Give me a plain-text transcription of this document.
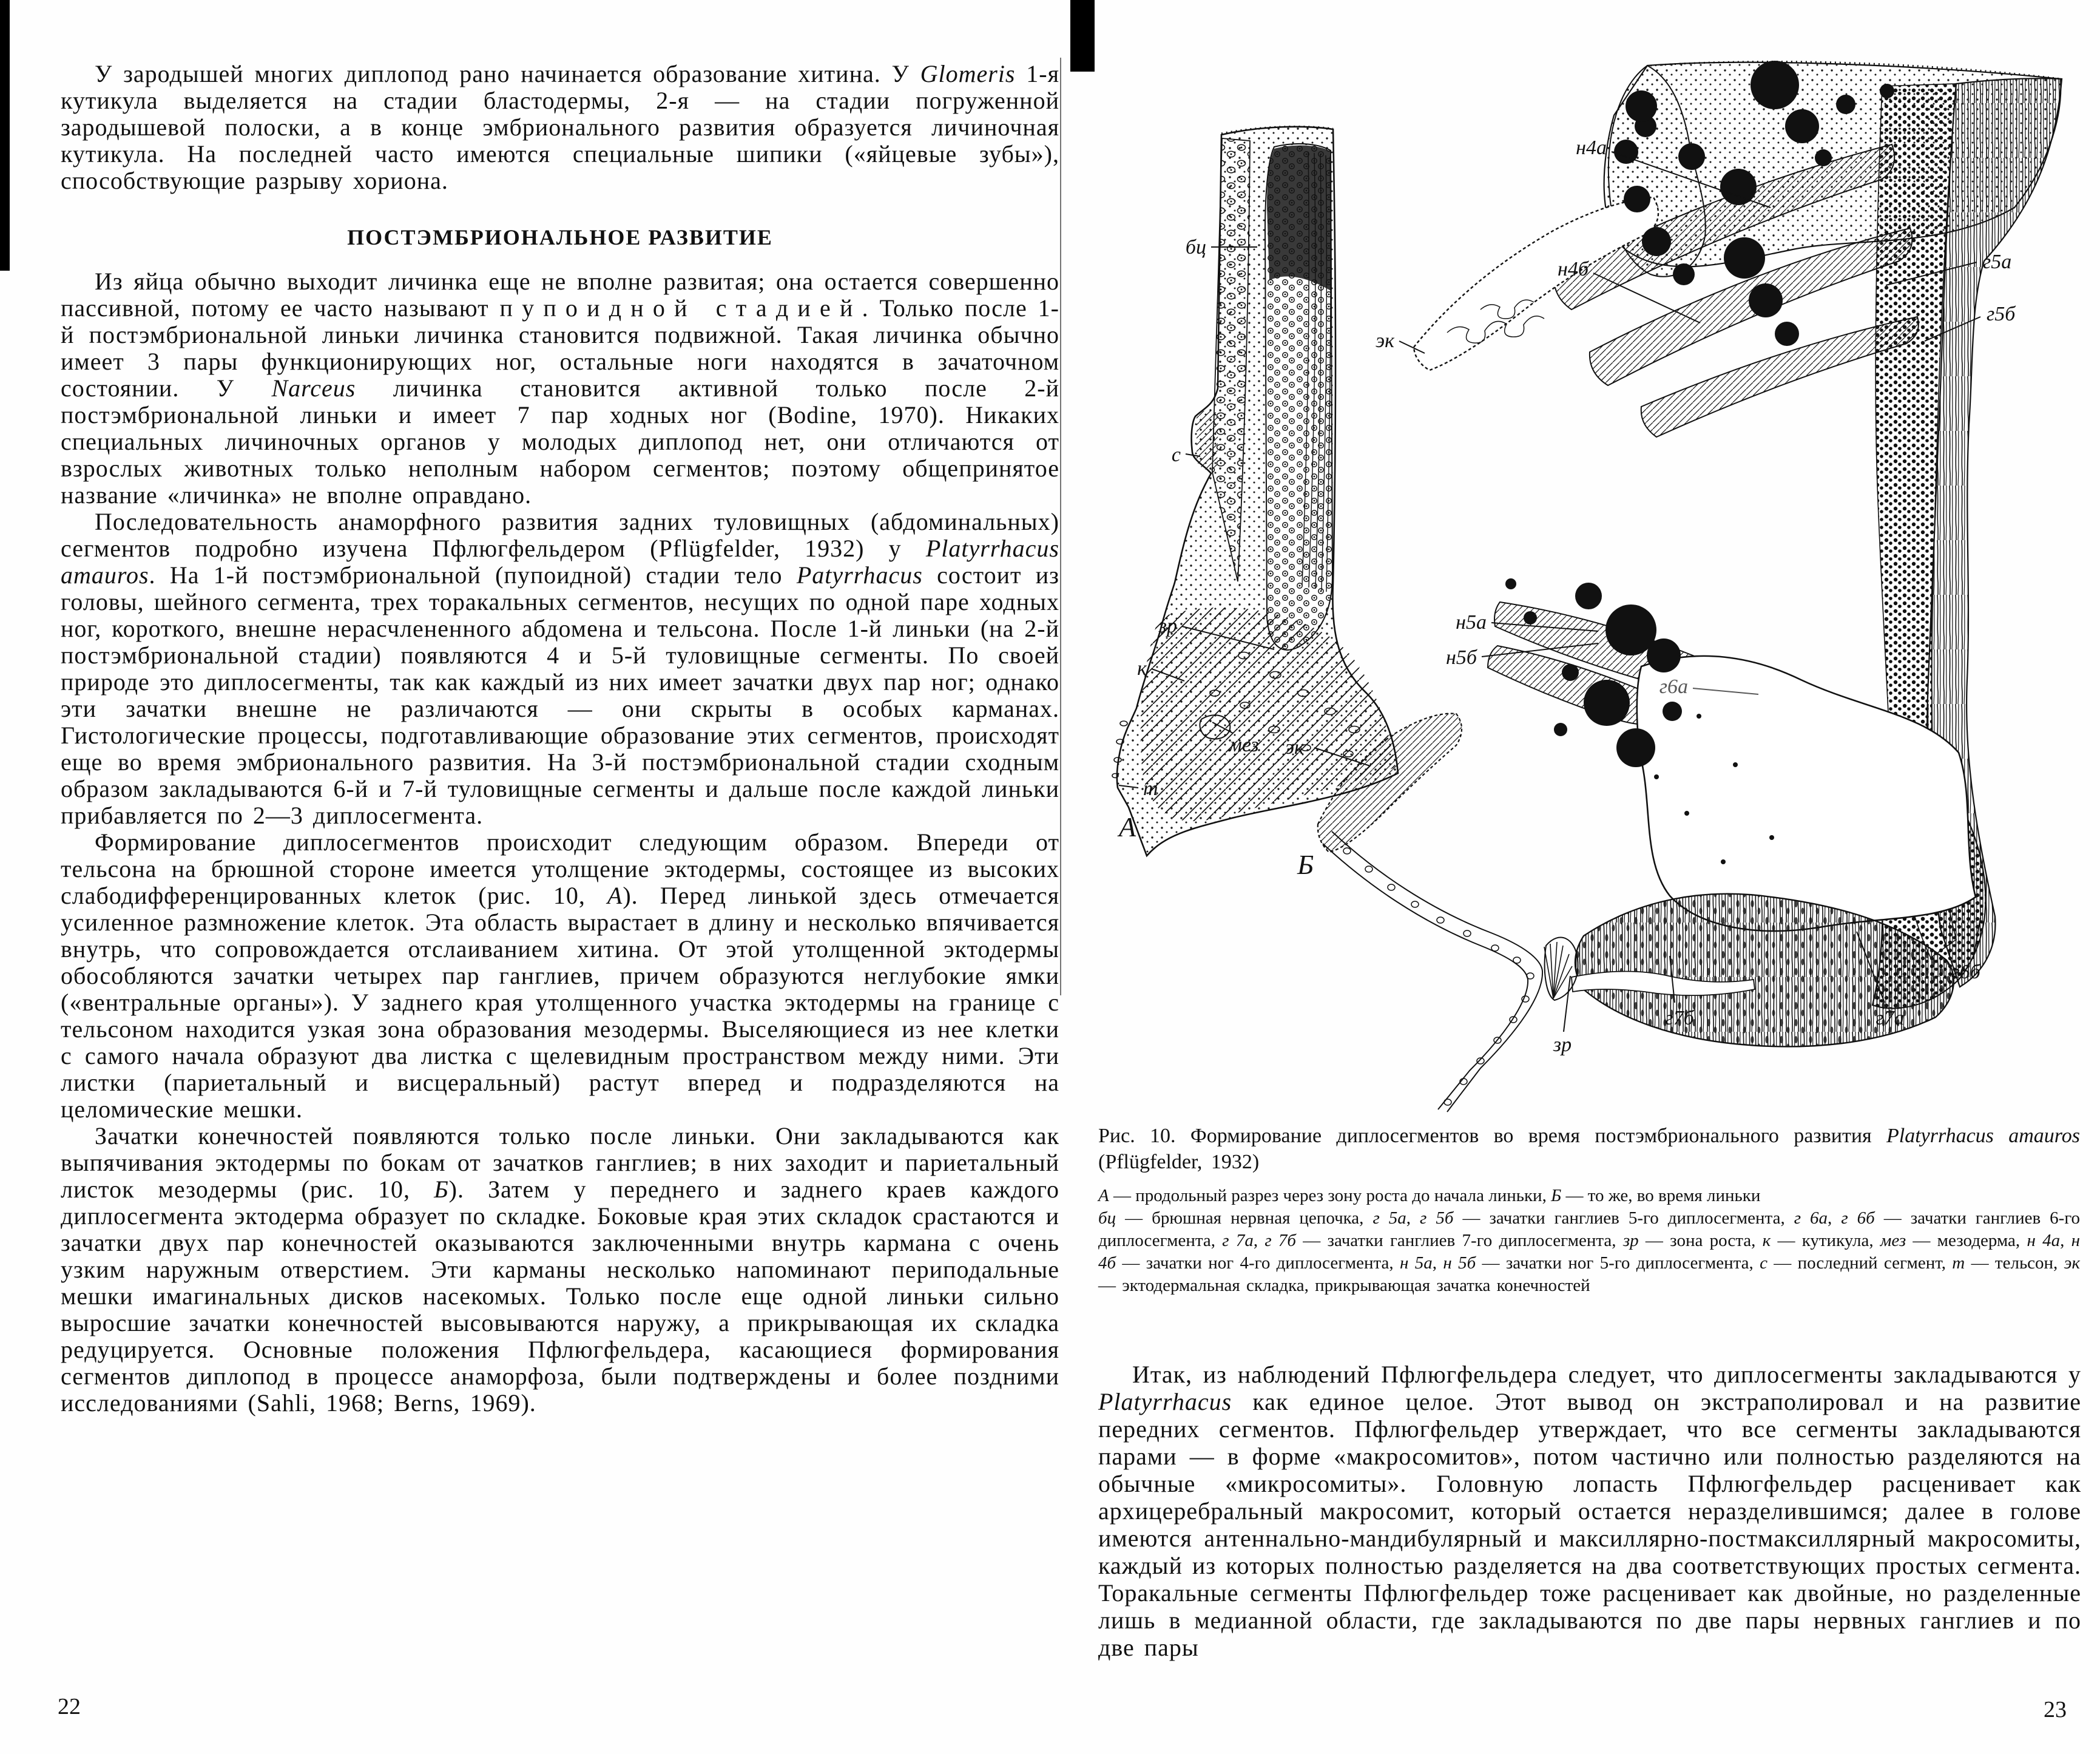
У зародышей многих диплопод рано начинается образование хитина. У Glomeris 1-я кутикула выделяется на стадии бластодермы, 2-я — на стадии погруженной зародышевой полоски, а в конце эмбрионального развития образуется личиночная кутикула. На последней часто имеются специальные шипики («яйцевые зубы»), способствующие разрыву хориона.

ПОСТЭМБРИОНАЛЬНОЕ РАЗВИТИЕ

Из яйца обычно выходит личинка еще не вполне развитая; она остается совершенно пассивной, потому ее часто называют пупоидной стадией. Только после 1-й постэмбриональной линьки личинка становится подвижной. Такая личинка обычно имеет 3 пары функционирующих ног, остальные ноги находятся в зачаточном состоянии. У Narceus личинка становится активной только после 2-й постэмбриональной линьки и имеет 7 пар ходных ног (Bodine, 1970). Никаких специальных личиночных органов у молодых диплопод нет, они отличаются от взрослых животных только неполным набором сегментов; поэтому общепринятое название «личинка» не вполне оправдано.

Последовательность анаморфного развития задних туловищных (абдоминальных) сегментов подробно изучена Пфлюгфельдером (Pflügfelder, 1932) у Platyrrhacus amauros. На 1-й постэмбриональной (пупоидной) стадии тело Patyrrhacus состоит из головы, шейного сегмента, трех торакальных сегментов, несущих по одной паре ходных ног, короткого, внешне нерасчлененного абдомена и тельсона. После 1-й линьки (на 2-й постэмбриональной стадии) появляются 4 и 5-й туловищные сегменты. По своей природе это диплосегменты, так как каждый из них имеет зачатки двух пар ног; однако эти зачатки внешне не различаются — они скрыты в особых карманах. Гистологические процессы, подготавливающие образование этих сегментов, происходят еще во время эмбрионального развития. На 3-й постэмбриональной стадии сходным образом закладываются 6-й и 7-й туловищные сегменты и дальше после каждой линьки прибавляется по 2—3 диплосегмента.

Формирование диплосегментов происходит следующим образом. Впереди от тельсона на брюшной стороне имеется утолщение эктодермы, состоящее из высоких слабодифференцированных клеток (рис. 10, А). Перед линькой здесь отмечается усиленное размножение клеток. Эта область вырастает в длину и несколько впячивается внутрь, что сопровождается отслаиванием хитина. От этой утолщенной эктодермы обособляются зачатки четырех пар ганглиев, причем образуются неглубокие ямки («вентральные органы»). У заднего края утолщенного участка эктодермы на границе с тельсоном находится узкая зона образования мезодермы. Выселяющиеся из нее клетки с самого начала образуют два листка с щелевидным пространством между ними. Эти листки (париетальный и висцеральный) растут вперед и подразделяются на целомические мешки.

Зачатки конечностей появляются только после линьки. Они закладываются как выпячивания эктодермы по бокам от зачатков ганглиев; в них заходит и париетальный листок мезодермы (рис. 10, Б). Затем у переднего и заднего краев каждого диплосегмента эктодерма образует по складке. Боковые края этих складок срастаются и зачатки двух пар конечностей оказываются заключенными внутрь кармана с очень узким наружным отверстием. Эти карманы несколько напоминают периподальные мешки имагинальных дисков насекомых. Только после еще одной линьки сильно выросшие зачатки конечностей высовываются наружу, а прикрывающая их складка редуцируется. Основные положения Пфлюгфельдера, касающиеся формирования сегментов диплопод в процессе анаморфоза, были подтверждены и более поздними исследованиями (Sahli, 1968; Berns, 1969).

22
бц
н4а
н4б
эк
с
г5а
г5б
н5а
н5б
г6а
зр
к
мез эк
т
А
Б
зр
г7б	г7а
г6б

Рис. 10. Формирование диплосегментов во время постэмбрионального развития Platyrrhacus amauros (Pflügfelder, 1932)

А — продольный разрез через зону роста до начала линьки, Б — то же, во время линьки

бц — брюшная нервная цепочка, г 5а, г 5б — зачатки ганглиев 5-го диплосегмента, г 6а, г 6б — зачатки ганглиев 6-го диплосегмента, г 7а, г 7б — зачатки ганглиев 7-го диплосегмента, зр — зона роста, к — кутикула, мез — мезодерма, н 4а, н 4б — зачатки ног 4-го диплосегмента, н 5а, н 5б — зачатки ног 5-го диплосегмента, с — последний сегмент, т — тельсон, эк — эктодермальная складка, прикрывающая зачатка конечностей

Итак, из наблюдений Пфлюгфельдера следует, что диплосегменты закладываются у Platyrrhacus как единое целое. Этот вывод он экстраполировал и на развитие передних сегментов. Пфлюгфельдер утверждает, что все сегменты закладываются парами — в форме «макросомитов», потом частично или полностью разделяются на обычные «микросомиты». Головную лопасть Пфлюгфельдер расценивает как архицеребральный макросомит, который остается неразделившимся; далее в голове имеются антеннально-мандибулярный и максиллярно-постмаксиллярный макросомиты, каждый из которых полностью разделяется на два соответствующих простых сегмента. Торакальные сегменты Пфлюгфельдер тоже расценивает как двойные, но разделенные лишь в медианной области, где закладываются по две пары нервных ганглиев и по две пары

23
